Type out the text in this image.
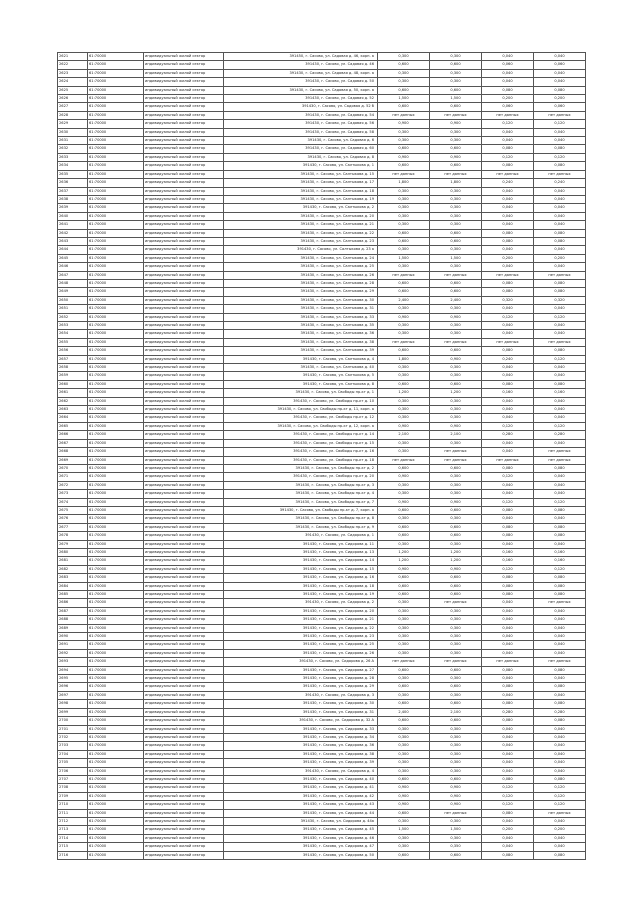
2621	61:70000	индивидуальный жилой сектор	391450, г. Сасово, ул. Садовая д. 46, корп. а	0,300	0,300	0,040	0,040
2622	61:70000	индивидуальный жилой сектор	391430, г. Сасово, ул. Садовая д. 46	0,600	0,600	0,060	0,060
2623	61:70000	индивидуальный жилой сектор	391430, г. Сасово, ул. Садовая д. 48, корп. а	0,300	0,300	0,040	0,040
2624	61:70000	индивидуальный жилой сектор	391430, г. Сасово, ул. Садовая д. 50	0,300	0,300	0,040	0,040
2625	61:70000	индивидуальный жилой сектор	391430, г. Сасово, ул. Садовая д. 50, корп. а	0,600	0,600	0,080	0,080
2626	61:70000	индивидуальный жилой сектор	391430, г. Сасово, ул. Садовая д. 52	1,500	1,500	0,200	0,200
2627	61:70000	индивидуальный жилой сектор	391430, г. Сасово, ул. Садовая д. 52 б	0,600	0,600	0,060	0,060
2628	61:70000	индивидуальный жилой сектор	391430, г. Сасово, ул. Садовая д. 54	нет данных	нет данных	нет данных	нет данных
2629	61:70000	индивидуальный жилой сектор	391430, г. Сасово, ул. Садовая д. 56	0,900	0,900	0,120	0,120
2630	61:70000	индивидуальный жилой сектор	391430, г. Сасово, ул. Садовая д. 58	0,300	0,300	0,040	0,040
2631	61:70000	индивидуальный жилой сектор	391430, г. Сасово, ул. Садовая д. 6	0,300	0,300	0,040	0,040
2632	61:70000	индивидуальный жилой сектор	391430, г. Сасово, ул. Садовая д. 60	0,600	0,600	0,080	0,080
2633	61:70000	индивидуальный жилой сектор	391430, г. Сасово, ул. Садовая д. 8	0,900	0,900	0,120	0,120
2634	61:70000	индивидуальный жилой сектор	391430, г. Сасово, ул. Салтыкова д. 1	0,600	0,600	0,080	0,080
2635	61:70000	индивидуальный жилой сектор	391430, г. Сасово, ул. Салтыкова д. 15	нет данных	нет данных	нет данных	нет данных
2636	61:70000	индивидуальный жилой сектор	391430, г. Сасово, ул. Салтыкова д. 17	1,800	1,800	0,240	0,240
2637	61:70000	индивидуальный жилой сектор	391430, г. Сасово, ул. Салтыкова д. 18	0,300	0,300	0,040	0,040
2638	61:70000	индивидуальный жилой сектор	391430, г. Сасово, ул. Салтыкова д. 19	0,300	0,300	0,040	0,040
2639	61:70000	индивидуальный жилой сектор	391430, г. Сасово, ул. Салтыкова д. 2	0,300	0,300	0,040	0,040
2640	61:70000	индивидуальный жилой сектор	391430, г. Сасово, ул. Салтыкова д. 20	0,300	0,300	0,040	0,040
2641	61:70000	индивидуальный жилой сектор	391430, г. Сасово, ул. Салтыкова д. 21	0,300	0,300	0,040	0,040
2642	61:70000	индивидуальный жилой сектор	391430, г. Сасово, ул. Салтыкова д. 22	0,600	0,600	0,080	0,080
2643	61:70000	индивидуальный жилой сектор	391430, г. Сасово, ул. Салтыкова д. 23	0,600	0,600	0,080	0,080
2644	61:70000	индивидуальный жилой сектор	391430, г. Сасово, ул. Салтыкова д. 23 а	0,300	0,300	0,040	0,040
2645	61:70000	индивидуальный жилой сектор	391430, г. Сасово, ул. Салтыкова д. 24	1,500	1,500	0,200	0,200
2646	61:70000	индивидуальный жилой сектор	391430, г. Сасово, ул. Салтыкова д. 25	0,300	0,300	0,040	0,040
2647	61:70000	индивидуальный жилой сектор	391430, г. Сасово, ул. Салтыкова д. 26	нет данных	нет данных	нет данных	нет данных
2648	61:70000	индивидуальный жилой сектор	391430, г. Сасово, ул. Салтыкова д. 28	0,600	0,600	0,080	0,080
2649	61:70000	индивидуальный жилой сектор	391430, г. Сасово, ул. Салтыкова д. 29	0,600	0,600	0,080	0,080
2650	61:70000	индивидуальный жилой сектор	391430, г. Сасово, ул. Салтыкова д. 30	2,400	2,400	0,320	0,320
2651	61:70000	индивидуальный жилой сектор	391430, г. Сасово, ул. Салтыкова д. 31	0,300	0,300	0,040	0,040
2652	61:70000	индивидуальный жилой сектор	391430, г. Сасово, ул. Салтыкова д. 33	0,900	0,900	0,120	0,120
2653	61:70000	индивидуальный жилой сектор	391430, г. Сасово, ул. Салтыкова д. 35	0,300	0,300	0,040	0,040
2654	61:70000	индивидуальный жилой сектор	391430, г. Сасово, ул. Салтыкова д. 36	0,300	0,300	0,040	0,040
2655	61:70000	индивидуальный жилой сектор	391430, г. Сасово, ул. Салтыкова д. 38	нет данных	нет данных	нет данных	нет данных
2656	61:70000	индивидуальный жилой сектор	391430, г. Сасово, ул. Салтыкова д. 39	0,600	0,600	0,080	0,080
2657	61:70000	индивидуальный жилой сектор	391430, г. Сасово, ул. Салтыкова д. 4	1,800	0,900	0,240	0,120
2658	61:70000	индивидуальный жилой сектор	391430, г. Сасово, ул. Салтыкова д. 40	0,300	0,300	0,040	0,040
2659	61:70000	индивидуальный жилой сектор	391430, г. Сасово, ул. Салтыкова д. 5	0,300	0,300	0,040	0,040
2660	61:70000	индивидуальный жилой сектор	391430, г. Сасово, ул. Салтыкова д. 8	0,600	0,600	0,080	0,080
2661	61:70000	индивидуальный жилой сектор	391430, г. Сасово, ул. Свободы пр-кт д. 1	1,200	1,200	0,160	0,160
2662	61:70000	индивидуальный жилой сектор	391430, г. Сасово, ул. Свободы пр-кт д. 10	0,300	0,300	0,040	0,040
2663	61:70000	индивидуальный жилой сектор	391430, г. Сасово, ул. Свободы пр-кт д. 11, корп. а	0,300	0,300	0,040	0,040
2664	61:70000	индивидуальный жилой сектор	391430, г. Сасово, ул. Свободы пр-кт д. 12	0,300	0,300	0,040	0,040
2665	61:70000	индивидуальный жилой сектор	391430, г. Сасово, ул. Свободы пр-кт д. 12, корп. а	0,900	0,900	0,120	0,120
2666	61:70000	индивидуальный жилой сектор	391430, г. Сасово, ул. Свободы пр-кт д. 14	2,100	2,100	0,280	0,280
2667	61:70000	индивидуальный жилой сектор	391430, г. Сасово, ул. Свободы пр-кт д. 15	0,300	0,300	0,040	0,040
2668	61:70000	индивидуальный жилой сектор	391430, г. Сасово, ул. Свободы пр-кт д. 16	0,300	нет данных	0,040	нет данных
2669	61:70000	индивидуальный жилой сектор	391430, г. Сасово, ул. Свободы пр-кт д. 18	нет данных	нет данных	нет данных	нет данных
2670	61:70000	индивидуальный жилой сектор	391430, г. Сасово, ул. Свободы пр-кт д. 2	0,600	0,600	0,080	0,080
2671	61:70000	индивидуальный жилой сектор	391430, г. Сасово, ул. Свободы пр-кт д. 20	0,900	0,300	0,120	0,040
2672	61:70000	индивидуальный жилой сектор	391430, г. Сасово, ул. Свободы пр-кт д. 3	0,300	0,300	0,040	0,040
2673	61:70000	индивидуальный жилой сектор	391430, г. Сасово, ул. Свободы пр-кт д. 4	0,300	0,300	0,040	0,040
2674	61:70000	индивидуальный жилой сектор	391430, г. Сасово, ул. Свободы пр-кт д. 7	0,900	0,900	0,120	0,120
2675	61:70000	индивидуальный жилой сектор	391430, г. Сасово, ул. Свободы пр-кт д. 7, корп. а	0,600	0,600	0,080	0,080
2676	61:70000	индивидуальный жилой сектор	391430, г. Сасово, ул. Свободы пр-кт д. 8	0,300	0,300	0,040	0,040
2677	61:70000	индивидуальный жилой сектор	391430, г. Сасово, ул. Свободы пр-кт д. 9	0,600	0,600	0,080	0,080
2678	61:70000	индивидуальный жилой сектор	391430, г. Сасово, ул. Сидорова д. 1	0,600	0,600	0,080	0,080
2679	61:70000	индивидуальный жилой сектор	391430, г. Сасово, ул. Сидорова д. 11	0,300	0,300	0,040	0,040
2680	61:70000	индивидуальный жилой сектор	391430, г. Сасово, ул. Сидорова д. 13	1,200	1,200	0,160	0,160
2681	61:70000	индивидуальный жилой сектор	391430, г. Сасово, ул. Сидорова д. 14	1,200	1,200	0,160	0,160
2682	61:70000	индивидуальный жилой сектор	391430, г. Сасово, ул. Сидорова д. 15	0,900	0,900	0,120	0,120
2683	61:70000	индивидуальный жилой сектор	391430, г. Сасово, ул. Сидорова д. 16	0,600	0,600	0,080	0,080
2684	61:70000	индивидуальный жилой сектор	391430, г. Сасово, ул. Сидорова д. 18	0,600	0,600	0,080	0,080
2685	61:70000	индивидуальный жилой сектор	391430, г. Сасово, ул. Сидорова д. 19	0,600	0,600	0,080	0,080
2686	61:70000	индивидуальный жилой сектор	391430, г. Сасово, ул. Сидорова д. 2	0,300	нет данных	0,040	нет данных
2687	61:70000	индивидуальный жилой сектор	391430, г. Сасово, ул. Сидорова д. 20	0,300	0,300	0,040	0,040
2688	61:70000	индивидуальный жилой сектор	391430, г. Сасово, ул. Сидорова д. 21	0,300	0,300	0,040	0,040
2689	61:70000	индивидуальный жилой сектор	391430, г. Сасово, ул. Сидорова д. 22	0,300	0,300	0,040	0,040
2690	61:70000	индивидуальный жилой сектор	391430, г. Сасово, ул. Сидорова д. 23	0,300	0,300	0,040	0,040
2691	61:70000	индивидуальный жилой сектор	391430, г. Сасово, ул. Сидорова д. 25	0,300	0,300	0,040	0,040
2692	61:70000	индивидуальный жилой сектор	391430, г. Сасово, ул. Сидорова д. 26	0,300	0,300	0,040	0,040
2693	61:70000	индивидуальный жилой сектор	391430, г. Сасово, ул. Сидорова д. 26 А	нет данных	нет данных	нет данных	нет данных
2694	61:70000	индивидуальный жилой сектор	391430, г. Сасово, ул. Сидорова д. 27	0,600	0,600	0,080	0,080
2695	61:70000	индивидуальный жилой сектор	391430, г. Сасово, ул. Сидорова д. 28	0,300	0,300	0,040	0,040
2696	61:70000	индивидуальный жилой сектор	391430, г. Сасово, ул. Сидорова д. 29	0,600	0,600	0,080	0,080
2697	61:70000	индивидуальный жилой сектор	391430, г. Сасово, ул. Сидорова д. 3	0,300	0,300	0,040	0,040
2698	61:70000	индивидуальный жилой сектор	391430, г. Сасово, ул. Сидорова д. 30	0,600	0,600	0,080	0,080
2699	61:70000	индивидуальный жилой сектор	391430, г. Сасово, ул. Сидорова д. 31	2,400	2,100	0,280	0,280
2700	61:70000	индивидуальный жилой сектор	391430, г. Сасово, ул. Сидорова д. 32 А	0,600	0,600	0,080	0,080
2701	61:70000	индивидуальный жилой сектор	391430, г. Сасово, ул. Сидорова д. 33	0,300	0,300	0,040	0,040
2702	61:70000	индивидуальный жилой сектор	391430, г. Сасово, ул. Сидорова д. 34	0,300	0,300	0,040	0,040
2703	61:70000	индивидуальный жилой сектор	391430, г. Сасово, ул. Сидорова д. 36	0,300	0,300	0,040	0,040
2704	61:70000	индивидуальный жилой сектор	391430, г. Сасово, ул. Сидорова д. 38	0,300	0,300	0,040	0,040
2705	61:70000	индивидуальный жилой сектор	391430, г. Сасово, ул. Сидорова д. 39	0,300	0,300	0,040	0,040
2706	61:70000	индивидуальный жилой сектор	391430, г. Сасово, ул. Сидорова д. 4	0,300	0,300	0,040	0,040
2707	61:70000	индивидуальный жилой сектор	391430, г. Сасово, ул. Сидорова д. 40	0,600	0,600	0,080	0,080
2708	61:70000	индивидуальный жилой сектор	391430, г. Сасово, ул. Сидорова д. 41	0,900	0,900	0,120	0,120
2709	61:70000	индивидуальный жилой сектор	391430, г. Сасово, ул. Сидорова д. 42	0,900	0,900	0,120	0,120
2710	61:70000	индивидуальный жилой сектор	391430, г. Сасово, ул. Сидорова д. 43	0,900	0,900	0,120	0,120
2711	61:70000	индивидуальный жилой сектор	391430, г. Сасово, ул. Сидорова д. 44	0,600	нет данных	0,080	нет данных
2712	61:70000	индивидуальный жилой сектор	391430, г. Сасово, ул. Сидорова д. 44а	0,300	0,300	0,040	0,040
2713	61:70000	индивидуальный жилой сектор	391430, г. Сасово, ул. Сидорова д. 45	1,500	1,500	0,200	0,200
2714	61:70000	индивидуальный жилой сектор	391430, г. Сасово, ул. Сидорова д. 46	0,300	0,300	0,040	0,040
2715	61:70000	индивидуальный жилой сектор	391430, г. Сасово, ул. Сидорова д. 47	0,300	0,350	0,040	0,040
2716	61:70000	индивидуальный жилой сектор	391430, г. Сасово, ул. Сидорова д. 50	0,600	0,600	0,080	0,080
